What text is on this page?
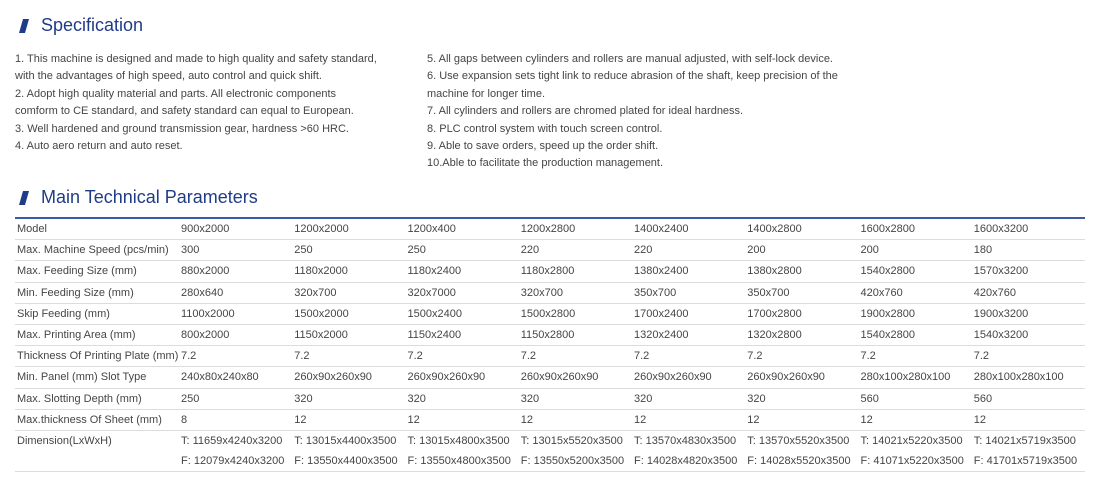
Specification
1. This machine is designed and made to high quality and safety standard,
with the advantages of high speed, auto control and quick shift.
2. Adopt high quality material and parts. All electronic components
comform to CE standard, and safety standard can equal to European.
3. Well hardened and ground transmission gear, hardness >60 HRC.
4. Auto aero return and auto reset.
5. All gaps between cylinders and rollers are manual adjusted, with self-lock device.
6. Use expansion sets tight link to reduce abrasion of the shaft, keep precision of the
machine for longer time.
7. All cylinders and rollers are chromed plated for ideal hardness.
8. PLC control system with touch screen control.
9. Able to save orders, speed up the order shift.
10.Able to facilitate the production management.
Main Technical Parameters
Model	900x2000	1200x2000	1200x400	1200x2800	1400x2400	1400x2800	1600x2800	1600x3200
Max. Machine Speed (pcs/min)	300	250	250	220	220	200	200	180
Max. Feeding Size (mm)	880x2000	1180x2000	1180x2400	1180x2800	1380x2400	1380x2800	1540x2800	1570x3200
Min. Feeding Size (mm)	280x640	320x700	320x7000	320x700	350x700	350x700	420x760	420x760
Skip Feeding (mm)	1100x2000	1500x2000	1500x2400	1500x2800	1700x2400	1700x2800	1900x2800	1900x3200
Max. Printing Area (mm)	800x2000	1150x2000	1150x2400	1150x2800	1320x2400	1320x2800	1540x2800	1540x3200
Thickness Of Printing Plate (mm)	7.2	7.2	7.2	7.2	7.2	7.2	7.2	7.2
Min. Panel (mm) Slot Type	240x80x240x80	260x90x260x90	260x90x260x90	260x90x260x90	260x90x260x90	260x90x260x90	280x100x280x100	280x100x280x100
Max. Slotting Depth (mm)	250	320	320	320	320	320	560	560
Max.thickness Of Sheet (mm)	8	12	12	12	12	12	12	12
Dimension(LxWxH)	T: 11659x4240x3200	T: 13015x4400x3500	T: 13015x4800x3500	T: 13015x5520x3500	T: 13570x4830x3500	T: 13570x5520x3500	T: 14021x5220x3500	T: 14021x5719x3500
	F: 12079x4240x3200	F: 13550x4400x3500	F: 13550x4800x3500	F: 13550x5200x3500	F: 14028x4820x3500	F: 14028x5520x3500	F: 41071x5220x3500	F: 41701x5719x3500
